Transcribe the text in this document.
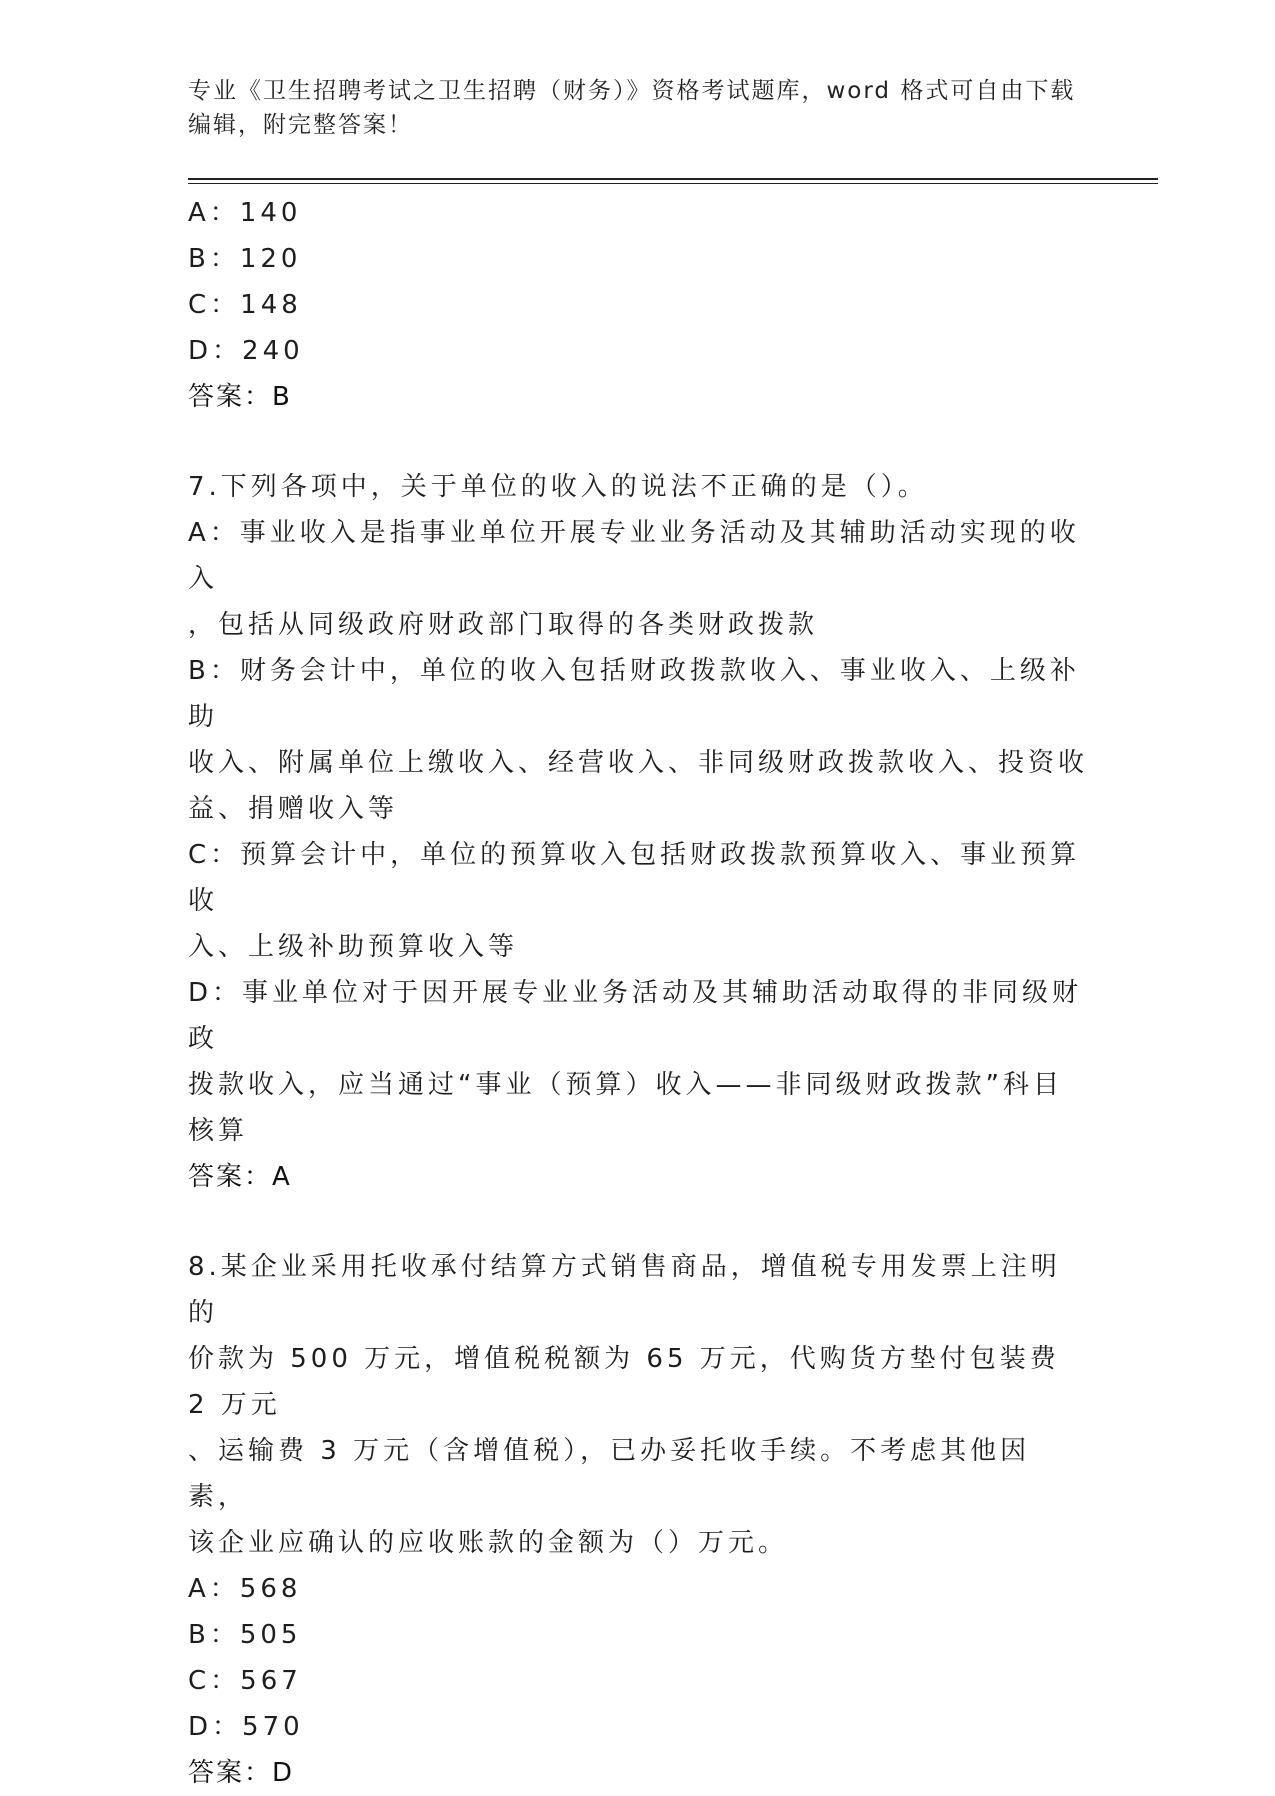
专业《卫生招聘考试之卫生招聘（财务）》资格考试题库，word 格式可自由下载
编辑，附完整答案！

A：140

B：120

C：148

D：240

答案：B

7.下列各项中，关于单位的收入的说法不正确的是（）。

A：事业收入是指事业单位开展专业业务活动及其辅助活动实现的收入

，包括从同级政府财政部门取得的各类财政拨款

B：财务会计中，单位的收入包括财政拨款收入、事业收入、上级补助

收入、附属单位上缴收入、经营收入、非同级财政拨款收入、投资收

益、捐赠收入等

C：预算会计中，单位的预算收入包括财政拨款预算收入、事业预算收

入、上级补助预算收入等

D：事业单位对于因开展专业业务活动及其辅助活动取得的非同级财政

拨款收入，应当通过“事业（预算）收入——非同级财政拨款”科目

核算

答案：A

8.某企业采用托收承付结算方式销售商品，增值税专用发票上注明的

价款为 500 万元，增值税税额为 65 万元，代购货方垫付包装费 2 万元

、运输费 3 万元（含增值税），已办妥托收手续。不考虑其他因素，

该企业应确认的应收账款的金额为（）万元。

A：568

B：505

C：567

D：570

答案：D
